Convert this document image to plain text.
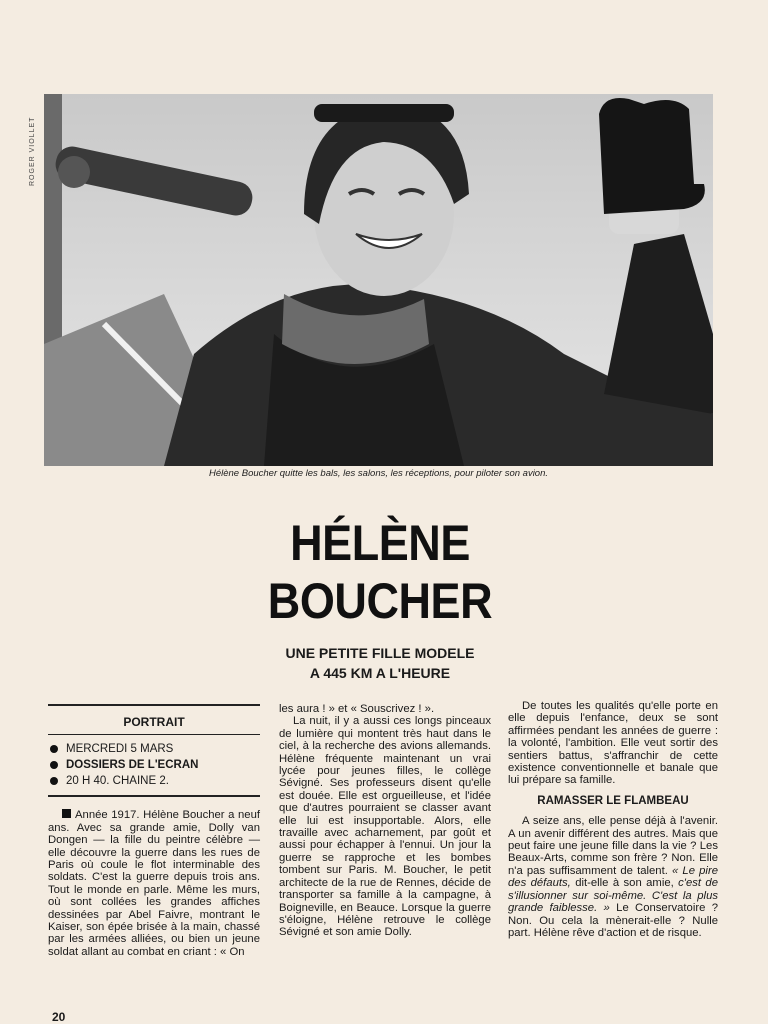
ROGER VIOLLET
Hélène Boucher quitte les bals, les salons, les réceptions, pour piloter son avion.
HÉLÈNE
BOUCHER
UNE PETITE FILLE MODELE
A 445 KM A L'HEURE
PORTRAIT
MERCREDI 5 MARS
DOSSIERS DE L'ECRAN
20 H 40. CHAINE 2.

Année 1917. Hélène Boucher a neuf ans. Avec sa grande amie, Dolly van Dongen — la fille du peintre célèbre — elle découvre la guerre dans les rues de Paris où coule le flot interminable des soldats. C'est la guerre depuis trois ans. Tout le monde en parle. Même les murs, où sont collées les grandes affiches dessinées par Abel Faivre, montrant le Kaiser, son épée brisée à la main, chassé par les armées alliées, ou bien un jeune soldat allant au combat en criant : « On

les aura ! » et « Souscrivez ! ».

La nuit, il y a aussi ces longs pinceaux de lumière qui montent très haut dans le ciel, à la recherche des avions allemands. Hélène fréquente maintenant un vrai lycée pour jeunes filles, le collège Sévigné. Ses professeurs disent qu'elle est douée. Elle est orgueilleuse, et l'idée que d'autres pourraient se classer avant elle lui est insupportable. Alors, elle travaille avec acharnement, par goût et aussi pour échapper à l'ennui. Un jour la guerre se rapproche et les bombes tombent sur Paris. M. Boucher, le petit architecte de la rue de Rennes, décide de transporter sa famille à la campagne, à Boigneville, en Beauce. Lorsque la guerre s'éloigne, Hélène retrouve le collège Sévigné et son amie Dolly.

De toutes les qualités qu'elle porte en elle depuis l'enfance, deux se sont affirmées pendant les années de guerre : la volonté, l'ambition. Elle veut sortir des sentiers battus, s'affranchir de cette existence conventionnelle et banale que lui prépare sa famille.

RAMASSER LE FLAMBEAU

A seize ans, elle pense déjà à l'avenir. A un avenir différent des autres. Mais que peut faire une jeune fille dans la vie ? Les Beaux-Arts, comme son frère ? Non. Elle n'a pas suffisamment de talent. « Le pire des défauts, dit-elle à son amie, c'est de s'illusionner sur soi-même. C'est la plus grande faiblesse. » Le Conservatoire ? Non. Ou cela la mènerait-elle ? Nulle part. Hélène rêve d'action et de risque.

20
